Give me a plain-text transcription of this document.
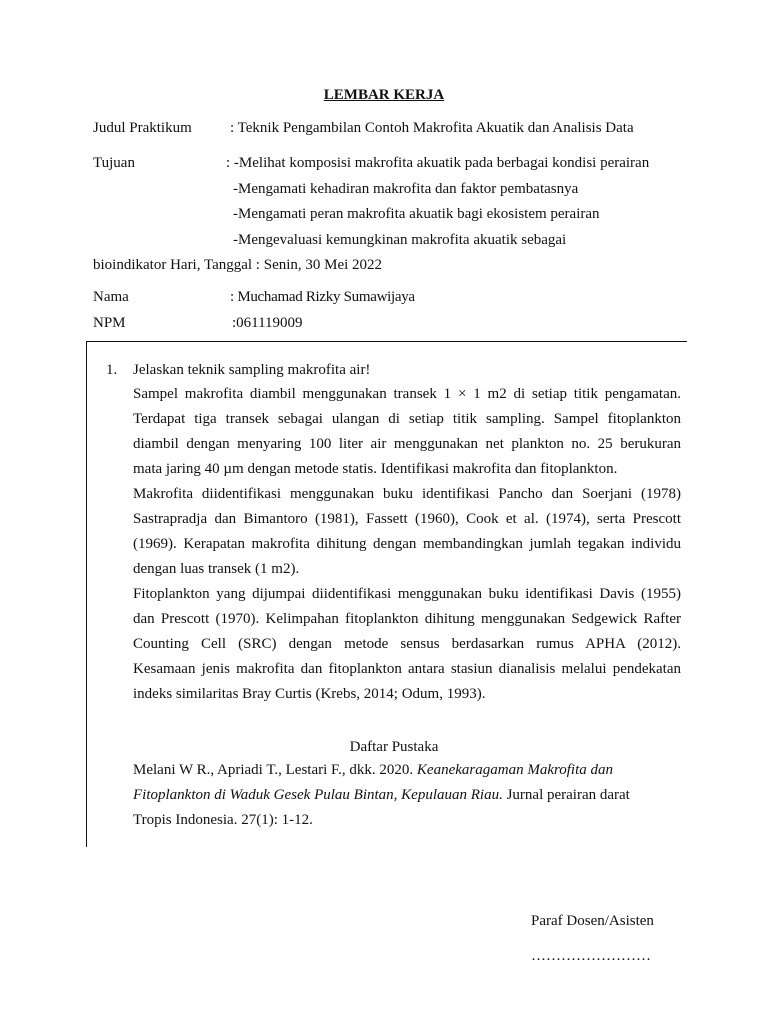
LEMBAR KERJA
Judul Praktikum	: Teknik Pengambilan Contoh Makrofita Akuatik dan Analisis Data
Tujuan	: -Melihat komposisi makrofita akuatik pada berbagai kondisi perairan
-Mengamati kehadiran makrofita dan faktor pembatasnya
-Mengamati peran makrofita akuatik bagi ekosistem perairan
-Mengevaluasi kemungkinan makrofita akuatik sebagai
bioindikator Hari, Tanggal : Senin, 30 Mei 2022
Nama	: Muchamad Rizky Sumawijaya
NPM	:061119009
1. Jelaskan teknik sampling makrofita air!
Sampel makrofita diambil menggunakan transek 1 × 1 m2 di setiap titik pengamatan.
Terdapat tiga transek sebagai ulangan di setiap titik sampling. Sampel fitoplankton
diambil dengan menyaring 100 liter air menggunakan net plankton no. 25 berukuran
mata jaring 40 µm dengan metode statis. Identifikasi makrofita dan fitoplankton.
Makrofita diidentifikasi menggunakan buku identifikasi Pancho dan Soerjani (1978)
Sastrapradja dan Bimantoro (1981), Fassett (1960), Cook et al. (1974), serta Prescott
(1969). Kerapatan makrofita dihitung dengan membandingkan jumlah tegakan individu
dengan luas transek (1 m2).
Fitoplankton yang dijumpai diidentifikasi menggunakan buku identifikasi Davis (1955)
dan Prescott (1970). Kelimpahan fitoplankton dihitung menggunakan Sedgewick Rafter
Counting Cell (SRC) dengan metode sensus berdasarkan rumus APHA (2012).
Kesamaan jenis makrofita dan fitoplankton antara stasiun dianalisis melalui pendekatan
indeks similaritas Bray Curtis (Krebs, 2014; Odum, 1993).
Daftar Pustaka
Melani W R., Apriadi T., Lestari F., dkk. 2020. Keanekaragaman Makrofita dan
Fitoplankton di Waduk Gesek Pulau Bintan, Kepulauan Riau. Jurnal perairan darat
Tropis Indonesia. 27(1): 1-12.
Paraf Dosen/Asisten
……………………
